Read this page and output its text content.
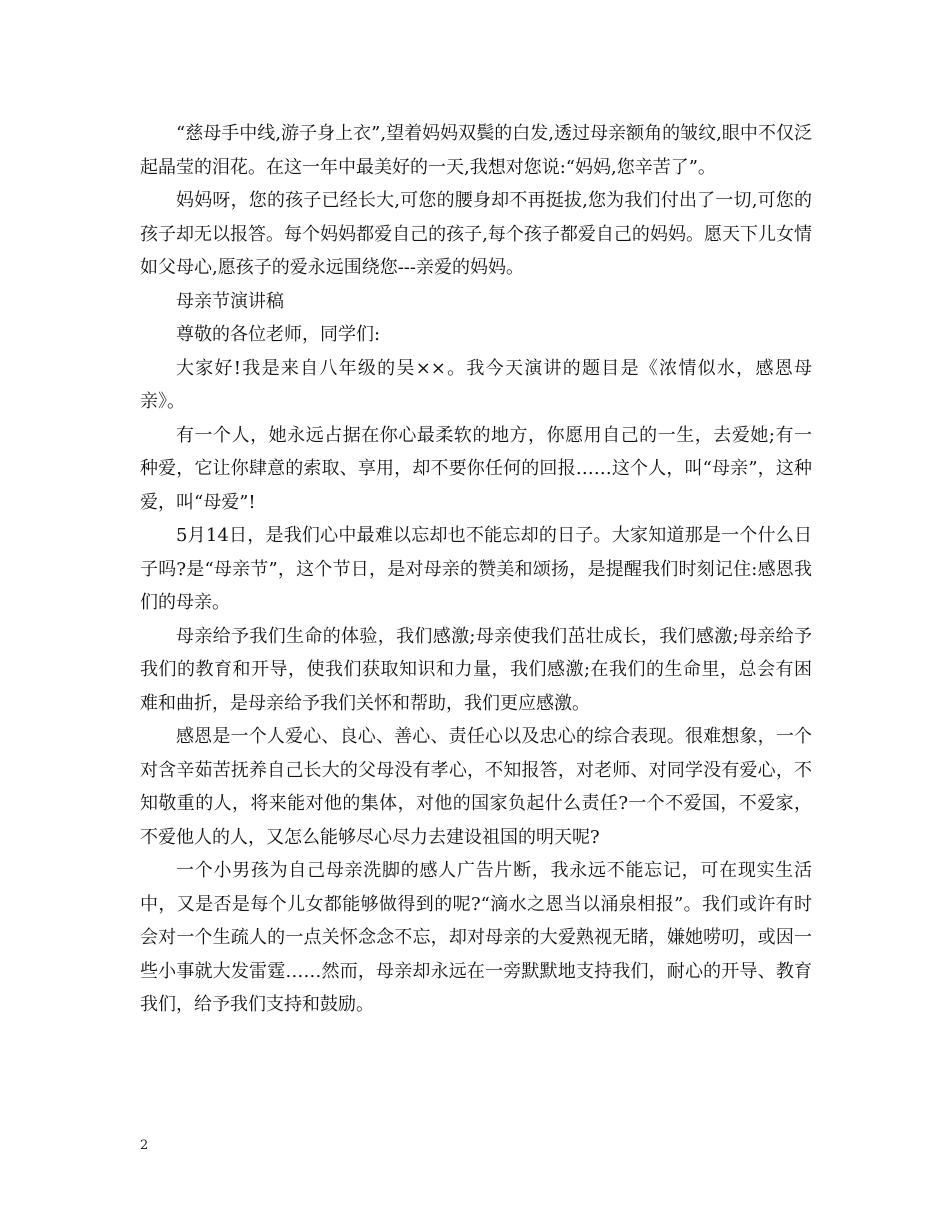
“慈母手中线,游子身上衣”,望着妈妈双鬓的白发,透过母亲额角的皱纹,眼中不仅泛起晶莹的泪花。在这一年中最美好的一天,我想对您说:“妈妈,您辛苦了”。

妈妈呀，您的孩子已经长大,可您的腰身却不再挺拔,您为我们付出了一切,可您的孩子却无以报答。每个妈妈都爱自己的孩子,每个孩子都爱自己的妈妈。愿天下儿女情如父母心,愿孩子的爱永远围绕您---亲爱的妈妈。

母亲节演讲稿

尊敬的各位老师，同学们:

大家好!我是来自八年级的吴××。我今天演讲的题目是《浓情似水，感恩母亲》。

有一个人，她永远占据在你心最柔软的地方，你愿用自己的一生，去爱她;有一种爱，它让你肆意的索取、享用，却不要你任何的回报……这个人，叫“母亲”，这种爱，叫“母爱”!

5月14日，是我们心中最难以忘却也不能忘却的日子。大家知道那是一个什么日子吗?是“母亲节”，这个节日，是对母亲的赞美和颂扬，是提醒我们时刻记住:感恩我们的母亲。

母亲给予我们生命的体验，我们感激;母亲使我们茁壮成长，我们感激;母亲给予我们的教育和开导，使我们获取知识和力量，我们感激;在我们的生命里，总会有困难和曲折，是母亲给予我们关怀和帮助，我们更应感激。

感恩是一个人爱心、良心、善心、责任心以及忠心的综合表现。很难想象，一个对含辛茹苦抚养自己长大的父母没有孝心，不知报答，对老师、对同学没有爱心，不知敬重的人，将来能对他的集体，对他的国家负起什么责任?一个不爱国，不爱家，不爱他人的人，又怎么能够尽心尽力去建设祖国的明天呢?

一个小男孩为自己母亲洗脚的感人广告片断，我永远不能忘记，可在现实生活中，又是否是每个儿女都能够做得到的呢?“滴水之恩当以涌泉相报”。我们或许有时会对一个生疏人的一点关怀念念不忘，却对母亲的大爱熟视无睹，嫌她唠叨，或因一些小事就大发雷霆……然而，母亲却永远在一旁默默地支持我们，耐心的开导、教育我们，给予我们支持和鼓励。

2
